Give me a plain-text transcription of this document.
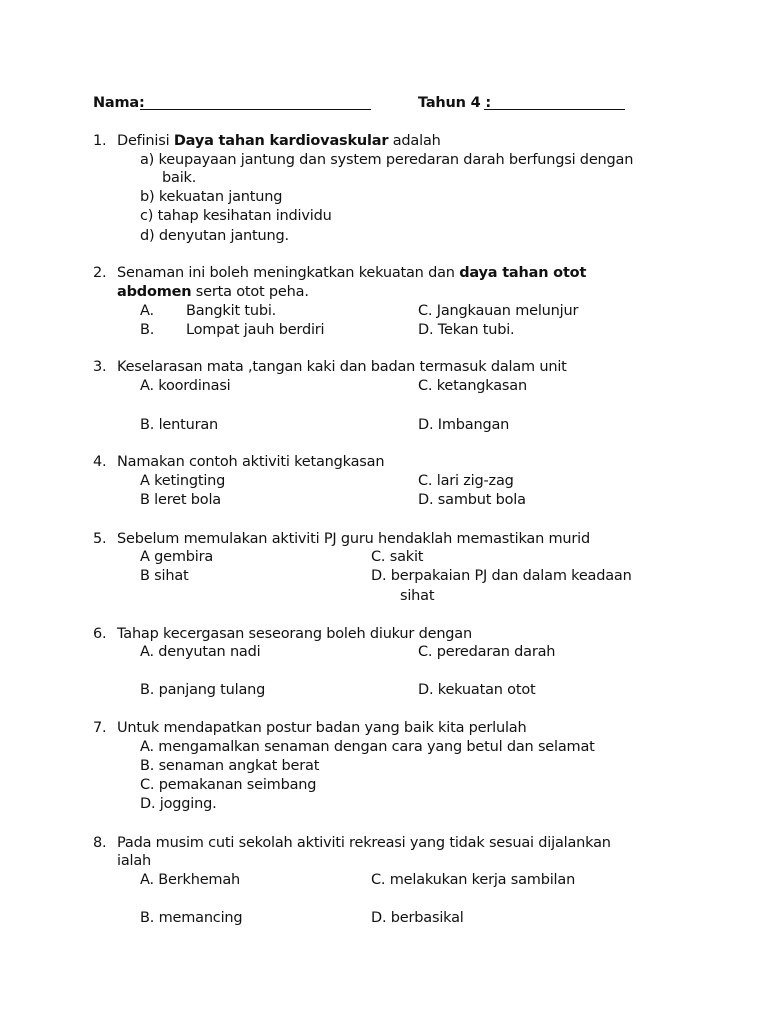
Nama:	Tahun 4 :
1. Definisi Daya tahan kardiovaskular adalah
a) keupayaan jantung dan system peredaran darah berfungsi dengan
baik.
b) kekuatan jantung
c) tahap kesihatan individu
d) denyutan jantung.
2. Senaman ini boleh meningkatkan kekuatan dan daya tahan otot
abdomen serta otot peha.
A. Bangkit tubi.	C. Jangkauan melunjur
B. Lompat jauh berdiri	D. Tekan tubi.
3. Keselarasan mata ,tangan kaki dan badan termasuk dalam unit
A. koordinasi	C. ketangkasan
B. lenturan	D. Imbangan
4. Namakan contoh aktiviti ketangkasan
A ketingting	C. lari zig-zag
B leret bola	D. sambut bola
5. Sebelum memulakan aktiviti PJ guru hendaklah memastikan murid
A gembira	C. sakit
B sihat	D. berpakaian PJ dan dalam keadaan
sihat
6. Tahap kecergasan seseorang boleh diukur dengan
A. denyutan nadi	C. peredaran darah
B. panjang tulang	D. kekuatan otot
7. Untuk mendapatkan postur badan yang baik kita perlulah
A. mengamalkan senaman dengan cara yang betul dan selamat
B. senaman angkat berat
C. pemakanan seimbang
D. jogging.
8. Pada musim cuti sekolah aktiviti rekreasi yang tidak sesuai dijalankan
ialah
A. Berkhemah	C. melakukan kerja sambilan
B. memancing	D. berbasikal
